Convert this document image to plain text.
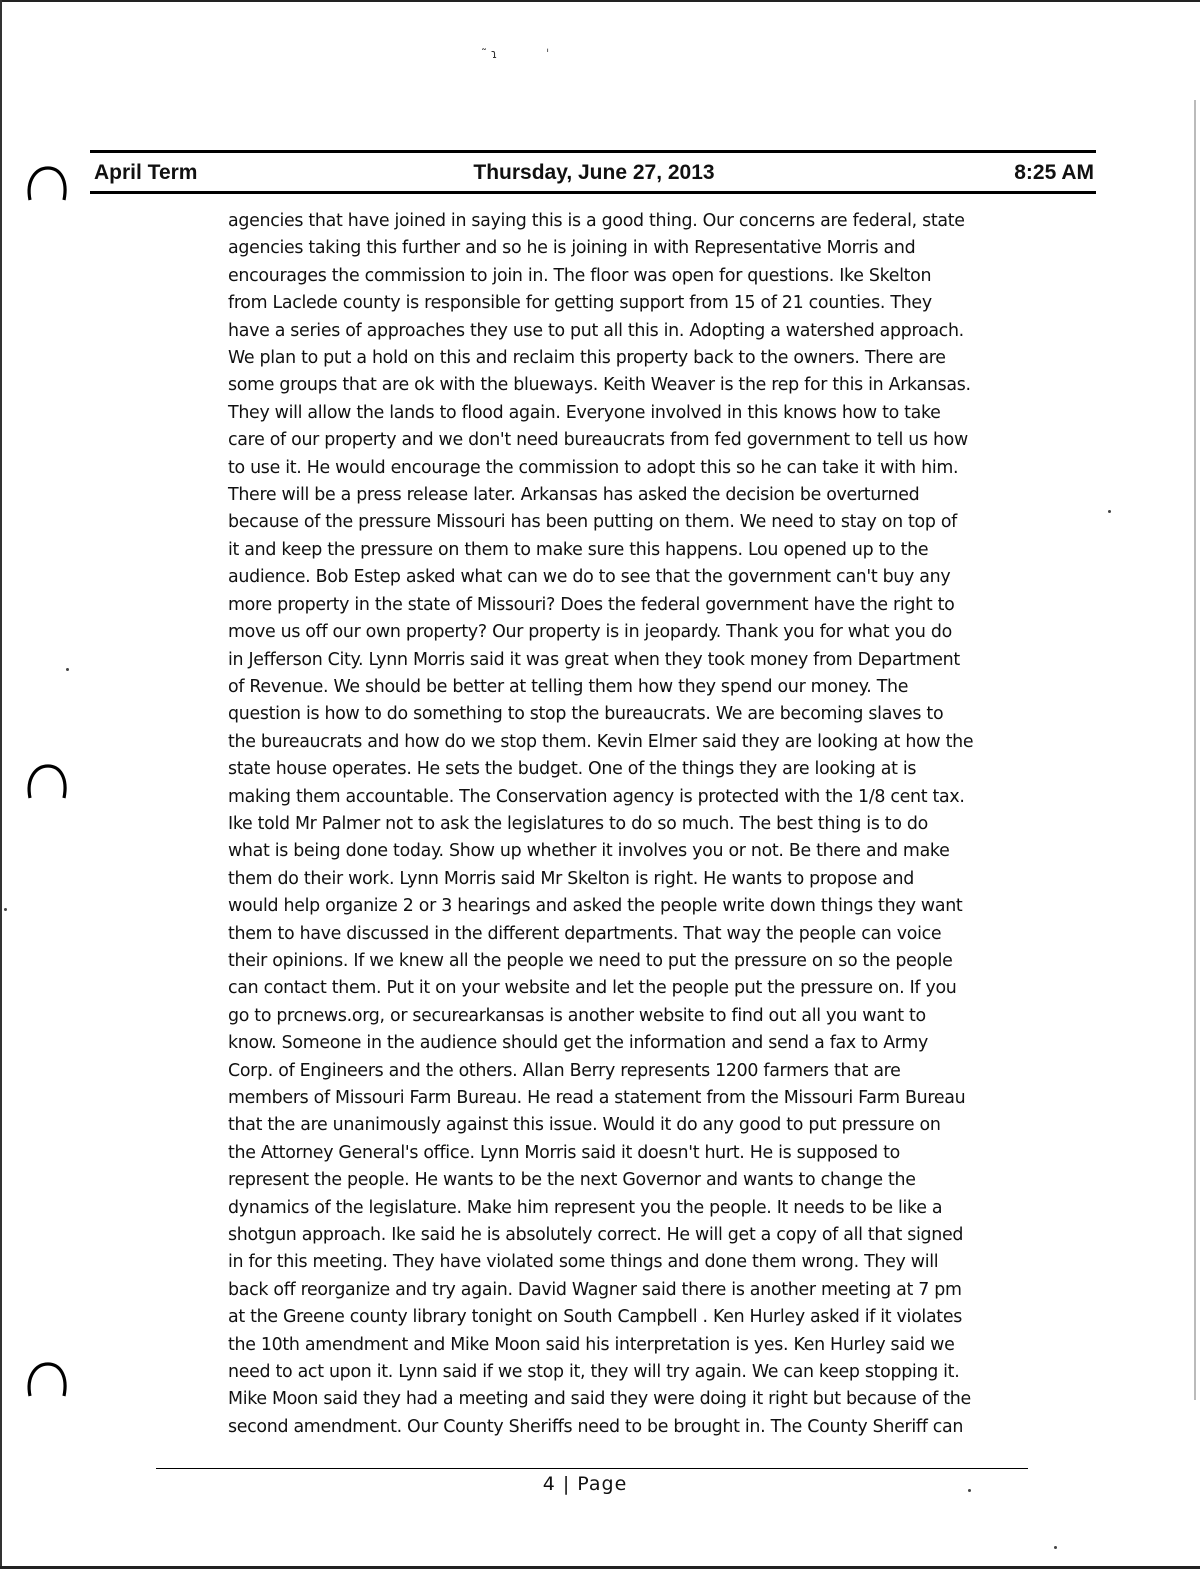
˜ ɿ	ˈ
April Term	Thursday, June 27, 2013	8:25 AM
agencies that have joined in saying this is a good thing. Our concerns are federal, state
agencies taking this further and so he is joining in with Representative Morris and
encourages the commission to join in. The floor was open for questions. Ike Skelton
from Laclede county is responsible for getting support from 15 of 21 counties. They
have a series of approaches they use to put all this in. Adopting a watershed approach.
We plan to put a hold on this and reclaim this property back to the owners. There are
some groups that are ok with the blueways. Keith Weaver is the rep for this in Arkansas.
They will allow the lands to flood again. Everyone involved in this knows how to take
care of our property and we don't need bureaucrats from fed government to tell us how
to use it. He would encourage the commission to adopt this so he can take it with him.
There will be a press release later. Arkansas has asked the decision be overturned
because of the pressure Missouri has been putting on them. We need to stay on top of
it and keep the pressure on them to make sure this happens. Lou opened up to the
audience. Bob Estep asked what can we do to see that the government can't buy any
more property in the state of Missouri? Does the federal government have the right to
move us off our own property? Our property is in jeopardy. Thank you for what you do
in Jefferson City. Lynn Morris said it was great when they took money from Department
of Revenue. We should be better at telling them how they spend our money. The
question is how to do something to stop the bureaucrats. We are becoming slaves to
the bureaucrats and how do we stop them. Kevin Elmer said they are looking at how the
state house operates. He sets the budget. One of the things they are looking at is
making them accountable. The Conservation agency is protected with the 1/8 cent tax.
Ike told Mr Palmer not to ask the legislatures to do so much. The best thing is to do
what is being done today. Show up whether it involves you or not. Be there and make
them do their work. Lynn Morris said Mr Skelton is right. He wants to propose and
would help organize 2 or 3 hearings and asked the people write down things they want
them to have discussed in the different departments. That way the people can voice
their opinions. If we knew all the people we need to put the pressure on so the people
can contact them. Put it on your website and let the people put the pressure on. If you
go to prcnews.org, or securearkansas is another website to find out all you want to
know. Someone in the audience should get the information and send a fax to Army
Corp. of Engineers and the others. Allan Berry represents 1200 farmers that are
members of Missouri Farm Bureau. He read a statement from the Missouri Farm Bureau
that the are unanimously against this issue. Would it do any good to put pressure on
the Attorney General's office. Lynn Morris said it doesn't hurt. He is supposed to
represent the people. He wants to be the next Governor and wants to change the
dynamics of the legislature. Make him represent you the people. It needs to be like a
shotgun approach. Ike said he is absolutely correct. He will get a copy of all that signed
in for this meeting. They have violated some things and done them wrong. They will
back off reorganize and try again. David Wagner said there is another meeting at 7 pm
at the Greene county library tonight on South Campbell . Ken Hurley asked if it violates
the 10th amendment and Mike Moon said his interpretation is yes. Ken Hurley said we
need to act upon it. Lynn said if we stop it, they will try again. We can keep stopping it.
Mike Moon said they had a meeting and said they were doing it right but because of the
second amendment. Our County Sheriffs need to be brought in. The County Sheriff can
4 | Page
